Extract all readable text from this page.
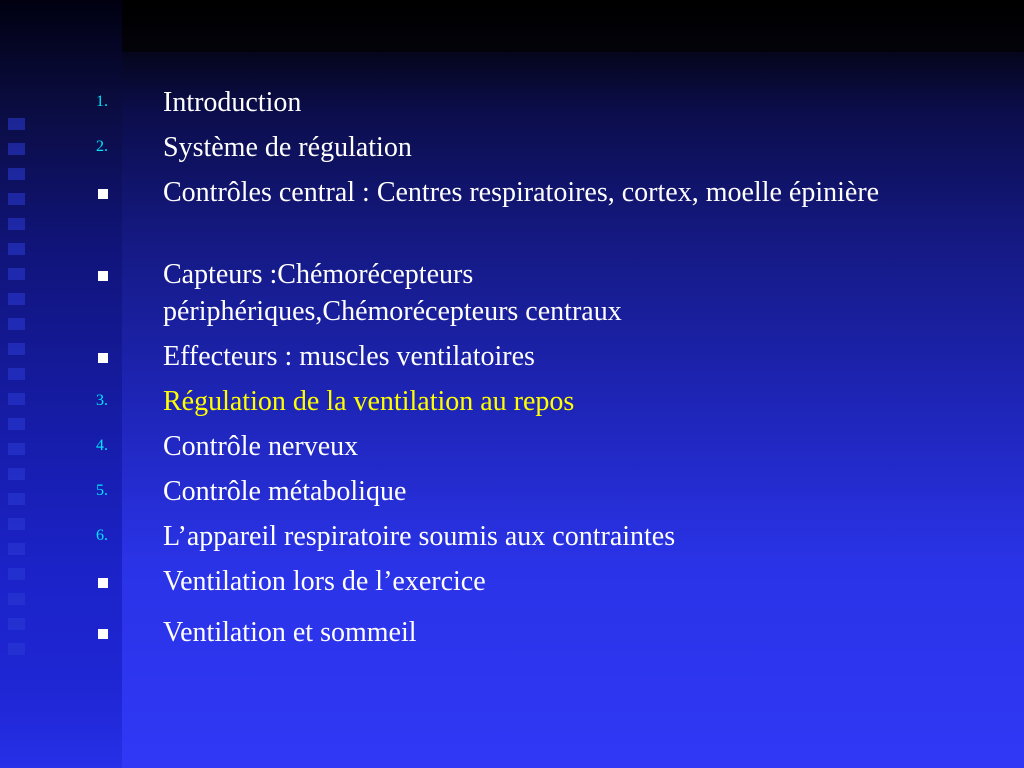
1. Introduction
2. Système de régulation
Contrôles central : Centres respiratoires, cortex, moelle épinière
Capteurs :Chémorécepteurs périphériques,Chémorécepteurs centraux
Effecteurs : muscles ventilatoires
3. Régulation de la ventilation au repos
4. Contrôle nerveux
5. Contrôle métabolique
6. L’appareil respiratoire soumis aux contraintes
Ventilation lors de l’exercice
Ventilation et sommeil
